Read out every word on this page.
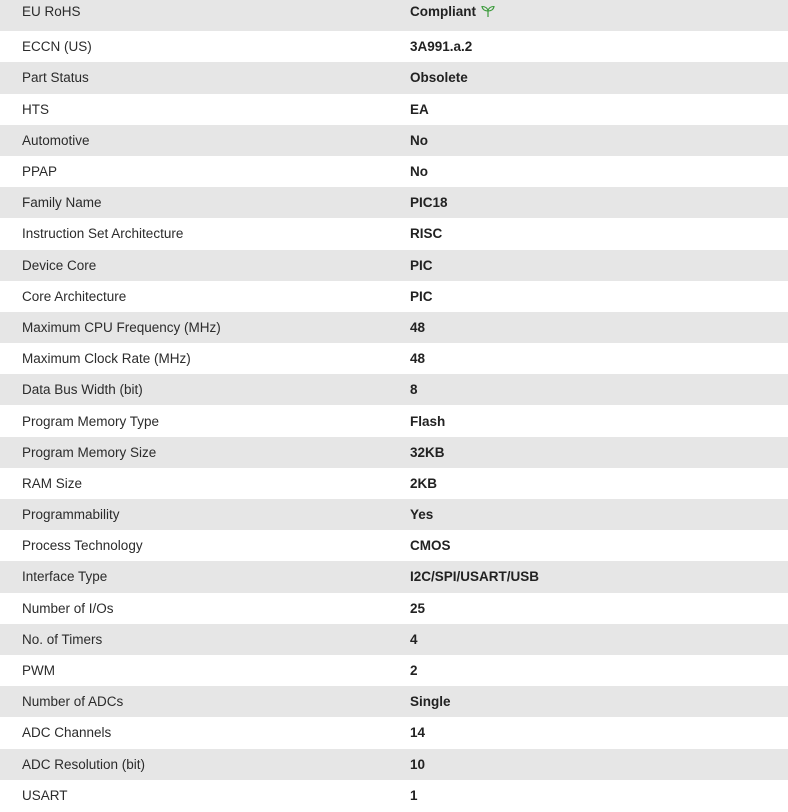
EU RoHS	Compliant
ECCN (US)	3A991.a.2
Part Status	Obsolete
HTS	EA
Automotive	No
PPAP	No
Family Name	PIC18
Instruction Set Architecture	RISC
Device Core	PIC
Core Architecture	PIC
Maximum CPU Frequency (MHz)	48
Maximum Clock Rate (MHz)	48
Data Bus Width (bit)	8
Program Memory Type	Flash
Program Memory Size	32KB
RAM Size	2KB
Programmability	Yes
Process Technology	CMOS
Interface Type	I2C/SPI/USART/USB
Number of I/Os	25
No. of Timers	4
PWM	2
Number of ADCs	Single
ADC Channels	14
ADC Resolution (bit)	10
USART	1
